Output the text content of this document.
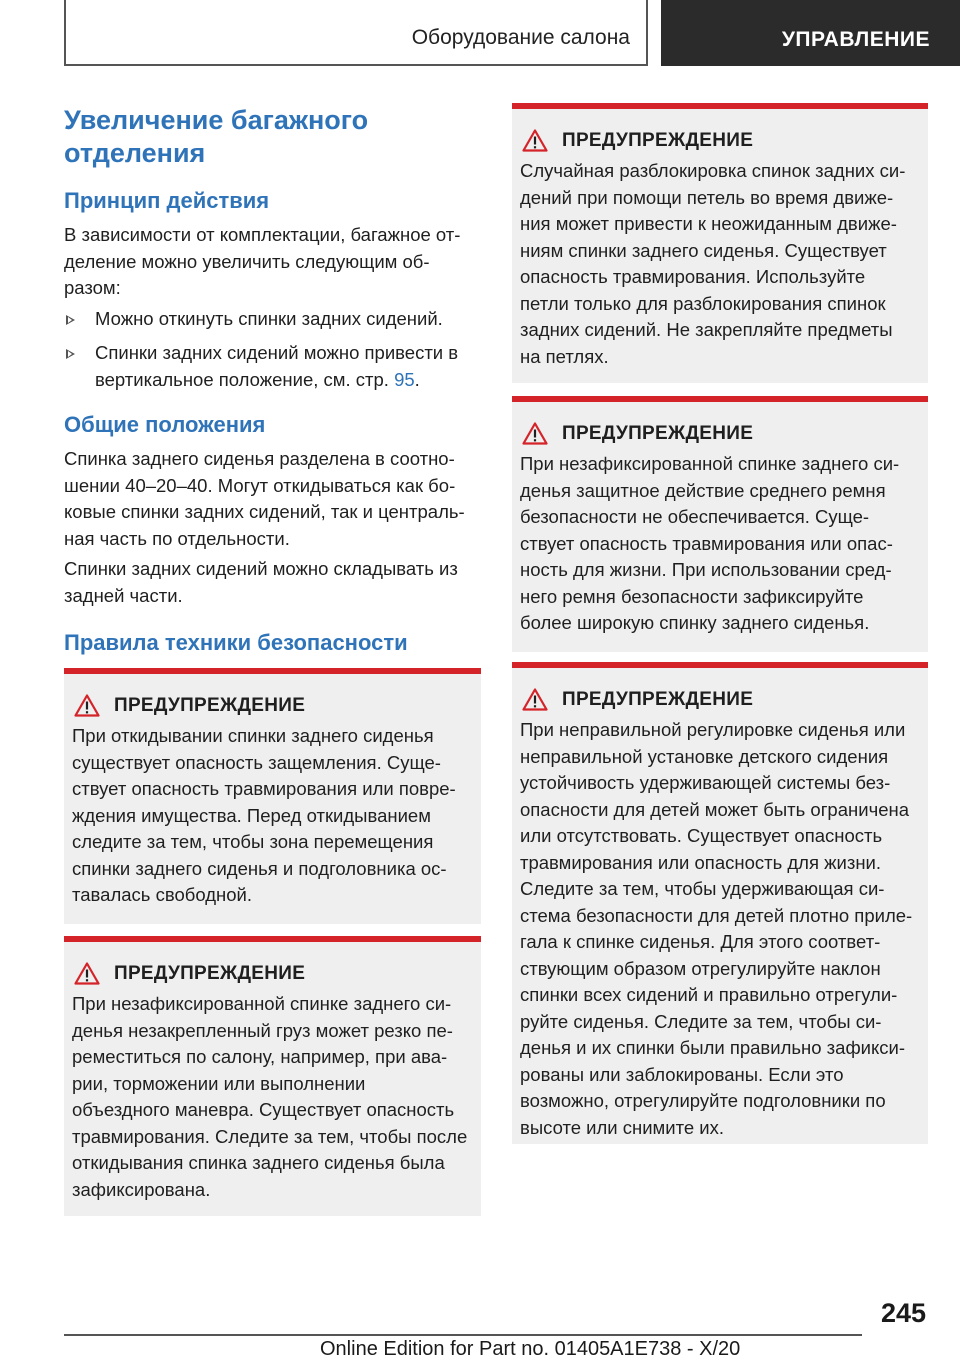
Оборудование салона	УПРАВЛЕНИЕ
Увеличение багажного
отделения
Принцип действия
В зависимости от комплектации, багажное от-
деление можно увеличить следующим об-
разом:
Можно откинуть спинки задних сидений.
Спинки задних сидений можно привести в
вертикальное положение, см. стр. 95.
Общие положения
Спинка заднего сиденья разделена в соотно-
шении 40–20–40. Могут откидываться как бо-
ковые спинки задних сидений, так и централь-
ная часть по отдельности.
Спинки задних сидений можно складывать из
задней части.
Правила техники безопасности
ПРЕДУПРЕЖДЕНИЕ
При откидывании спинки заднего сиденья
существует опасность защемления. Суще-
ствует опасность травмирования или повре-
ждения имущества. Перед откидыванием
следите за тем, чтобы зона перемещения
спинки заднего сиденья и подголовника ос-
тавалась свободной.
ПРЕДУПРЕЖДЕНИЕ
При незафиксированной спинке заднего си-
денья незакрепленный груз может резко пе-
реместиться по салону, например, при ава-
рии, торможении или выполнении
объездного маневра. Существует опасность
травмирования. Следите за тем, чтобы после
откидывания спинка заднего сиденья была
зафиксирована.
ПРЕДУПРЕЖДЕНИЕ
Случайная разблокировка спинок задних си-
дений при помощи петель во время движе-
ния может привести к неожиданным движе-
ниям спинки заднего сиденья. Существует
опасность травмирования. Используйте
петли только для разблокирования спинок
задних сидений. Не закрепляйте предметы
на петлях.
ПРЕДУПРЕЖДЕНИЕ
При незафиксированной спинке заднего си-
денья защитное действие среднего ремня
безопасности не обеспечивается. Суще-
ствует опасность травмирования или опас-
ность для жизни. При использовании сред-
него ремня безопасности зафиксируйте
более широкую спинку заднего сиденья.
ПРЕДУПРЕЖДЕНИЕ
При неправильной регулировке сиденья или
неправильной установке детского сидения
устойчивость удерживающей системы без-
опасности для детей может быть ограничена
или отсутствовать. Существует опасность
травмирования или опасность для жизни.
Следите за тем, чтобы удерживающая си-
стема безопасности для детей плотно приле-
гала к спинке сиденья. Для этого соответ-
ствующим образом отрегулируйте наклон
спинки всех сидений и правильно отрегули-
руйте сиденья. Следите за тем, чтобы си-
денья и их спинки были правильно зафикси-
рованы или заблокированы. Если это
возможно, отрегулируйте подголовники по
высоте или снимите их.
245
Online Edition for Part no. 01405A1E738 - X/20
